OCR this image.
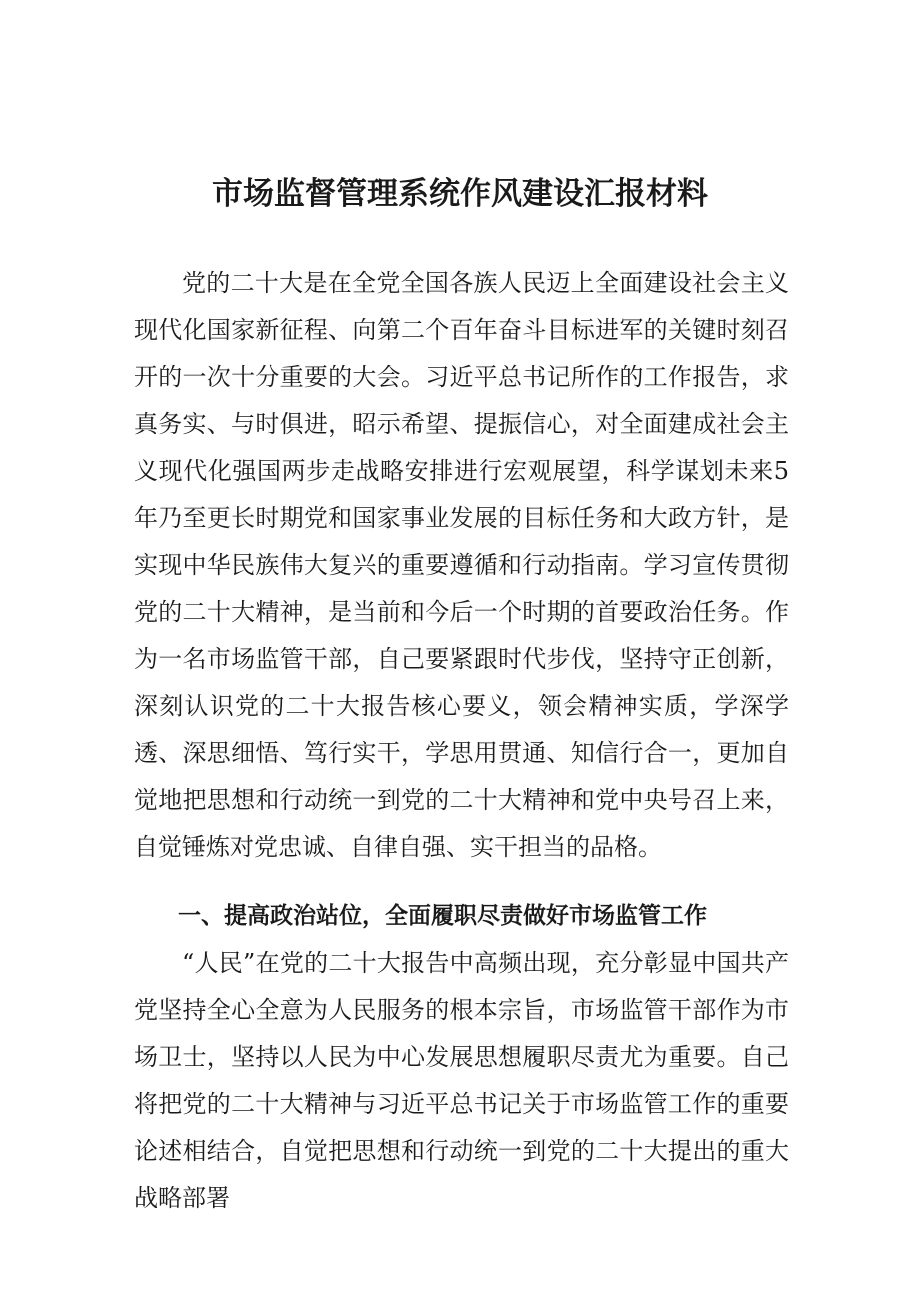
市场监督管理系统作风建设汇报材料

党的二十大是在全党全国各族人民迈上全面建设社会主义现代化国家新征程、向第二个百年奋斗目标进军的关键时刻召开的一次十分重要的大会。习近平总书记所作的工作报告，求真务实、与时俱进，昭示希望、提振信心，对全面建成社会主义现代化强国两步走战略安排进行宏观展望，科学谋划未来5年乃至更长时期党和国家事业发展的目标任务和大政方针，是实现中华民族伟大复兴的重要遵循和行动指南。学习宣传贯彻党的二十大精神，是当前和今后一个时期的首要政治任务。作为一名市场监管干部，自己要紧跟时代步伐，坚持守正创新，深刻认识党的二十大报告核心要义，领会精神实质，学深学透、深思细悟、笃行实干，学思用贯通、知信行合一，更加自觉地把思想和行动统一到党的二十大精神和党中央号召上来，自觉锤炼对党忠诚、自律自强、实干担当的品格。

一、提高政治站位，全面履职尽责做好市场监管工作

“人民”在党的二十大报告中高频出现，充分彰显中国共产党坚持全心全意为人民服务的根本宗旨，市场监管干部作为市场卫士，坚持以人民为中心发展思想履职尽责尤为重要。自己将把党的二十大精神与习近平总书记关于市场监管工作的重要论述相结合，自觉把思想和行动统一到党的二十大提出的重大战略部署
